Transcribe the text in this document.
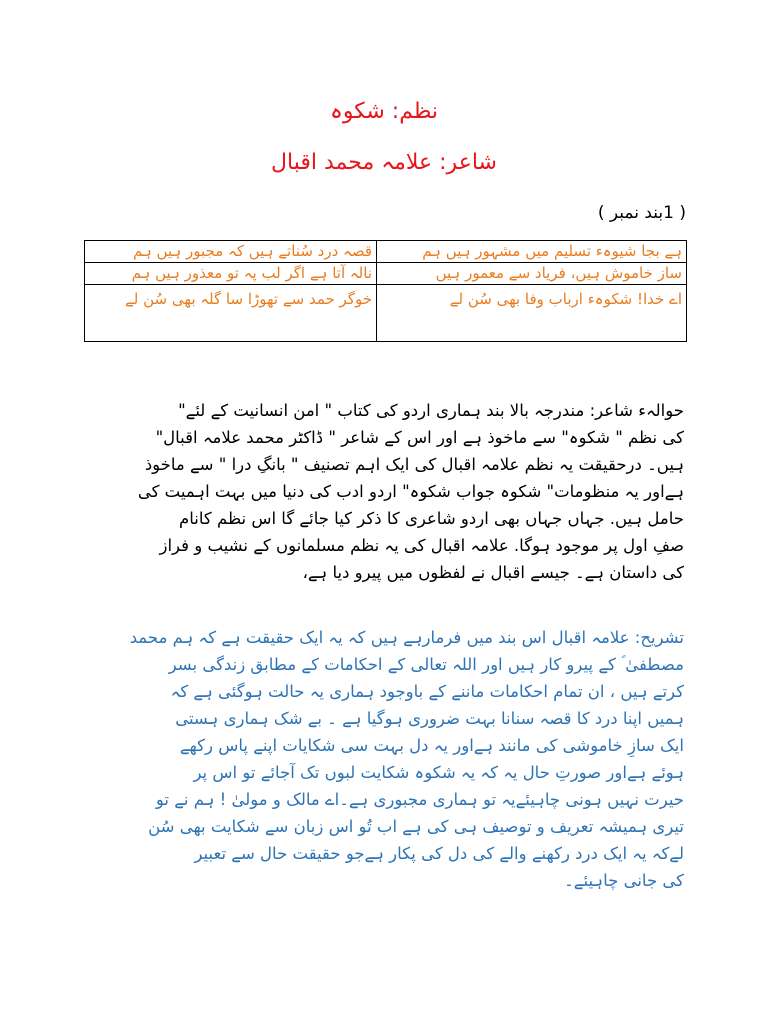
نظم: شکوہ
شاعر: علامہ محمد اقبال
( 1بند نمبر )
ہے بجا شیوہء تسلیم میں مشہور ہیں ہم	قصہ درد سُناتے ہیں کہ مجبور ہیں ہم
ساز خاموش ہیں، فریاد سے معمور ہیں	نالہ آتا ہے اگر لب پہ تو معذور ہیں ہم
اے خدا! شکوہء ارباب وفا بھی سُن لے	خوگر حمد سے تھوڑا سا گلہ بھی سُن لے
حوالہء شاعر: مندرجہ بالا بند ہماری اردو کی کتاب " امن انسانیت کے لئے"
کی نظم " شکوہ" سے ماخوذ ہے اور اس کے شاعر " ڈاکٹر محمد علامہ اقبال"
ہیں۔ درحقیقت یہ نظم علامہ اقبال کی ایک اہم تصنیف " بانگِ درا " سے ماخوذ
ہےاور یہ منظومات" شکوہ جواب شکوہ" اردو ادب کی دنیا میں بہت اہمیت کی
حامل ہیں. جہاں جہاں بھی اردو شاعری کا ذکر کیا جائے گا اس نظم کانام
صفِ اول پر موجود ہوگا. علامہ اقبال کی یہ نظم مسلمانوں کے نشیب و فراز
کی داستان ہے۔ جیسے اقبال نے لفظوں میں پیرو دیا ہے،
تشریح: علامہ اقبال اس بند میں فرمارہے ہیں کہ یہ ایک حقیقت ہے کہ ہم محمد
مصطفیٰ ؐ کے پیرو کار ہیں اور اللہ تعالی کے احکامات کے مطابق زندگی بسر
کرتے ہیں ، ان تمام احکامات ماننے کے باوجود ہماری یہ حالت ہوگئی ہے کہ
ہمیں اپنا درد کا قصہ سنانا بہت ضروری ہوگیا ہے ۔ بے شک ہماری ہستی
ایک سازِ خاموشی کی مانند ہےاور یہ دل بہت سی شکایات اپنے پاس رکھے
ہوئے ہےاور صورتِ حال یہ کہ یہ شکوہ شکایت لبوں تک آجائے تو اس پر
حیرت نہیں ہونی چاہیئےیہ تو ہماری مجبوری ہے۔اے مالک و مولیٰ ! ہم نے تو
تیری ہمیشہ تعریف و توصیف ہی کی ہے اب تُو اس زبان سے شکایت بھی سُن
لےکہ یہ ایک درد رکھنے والے کی دل کی پکار ہےجو حقیقت حال سے تعبیر
کی جانی چاہیئے۔
